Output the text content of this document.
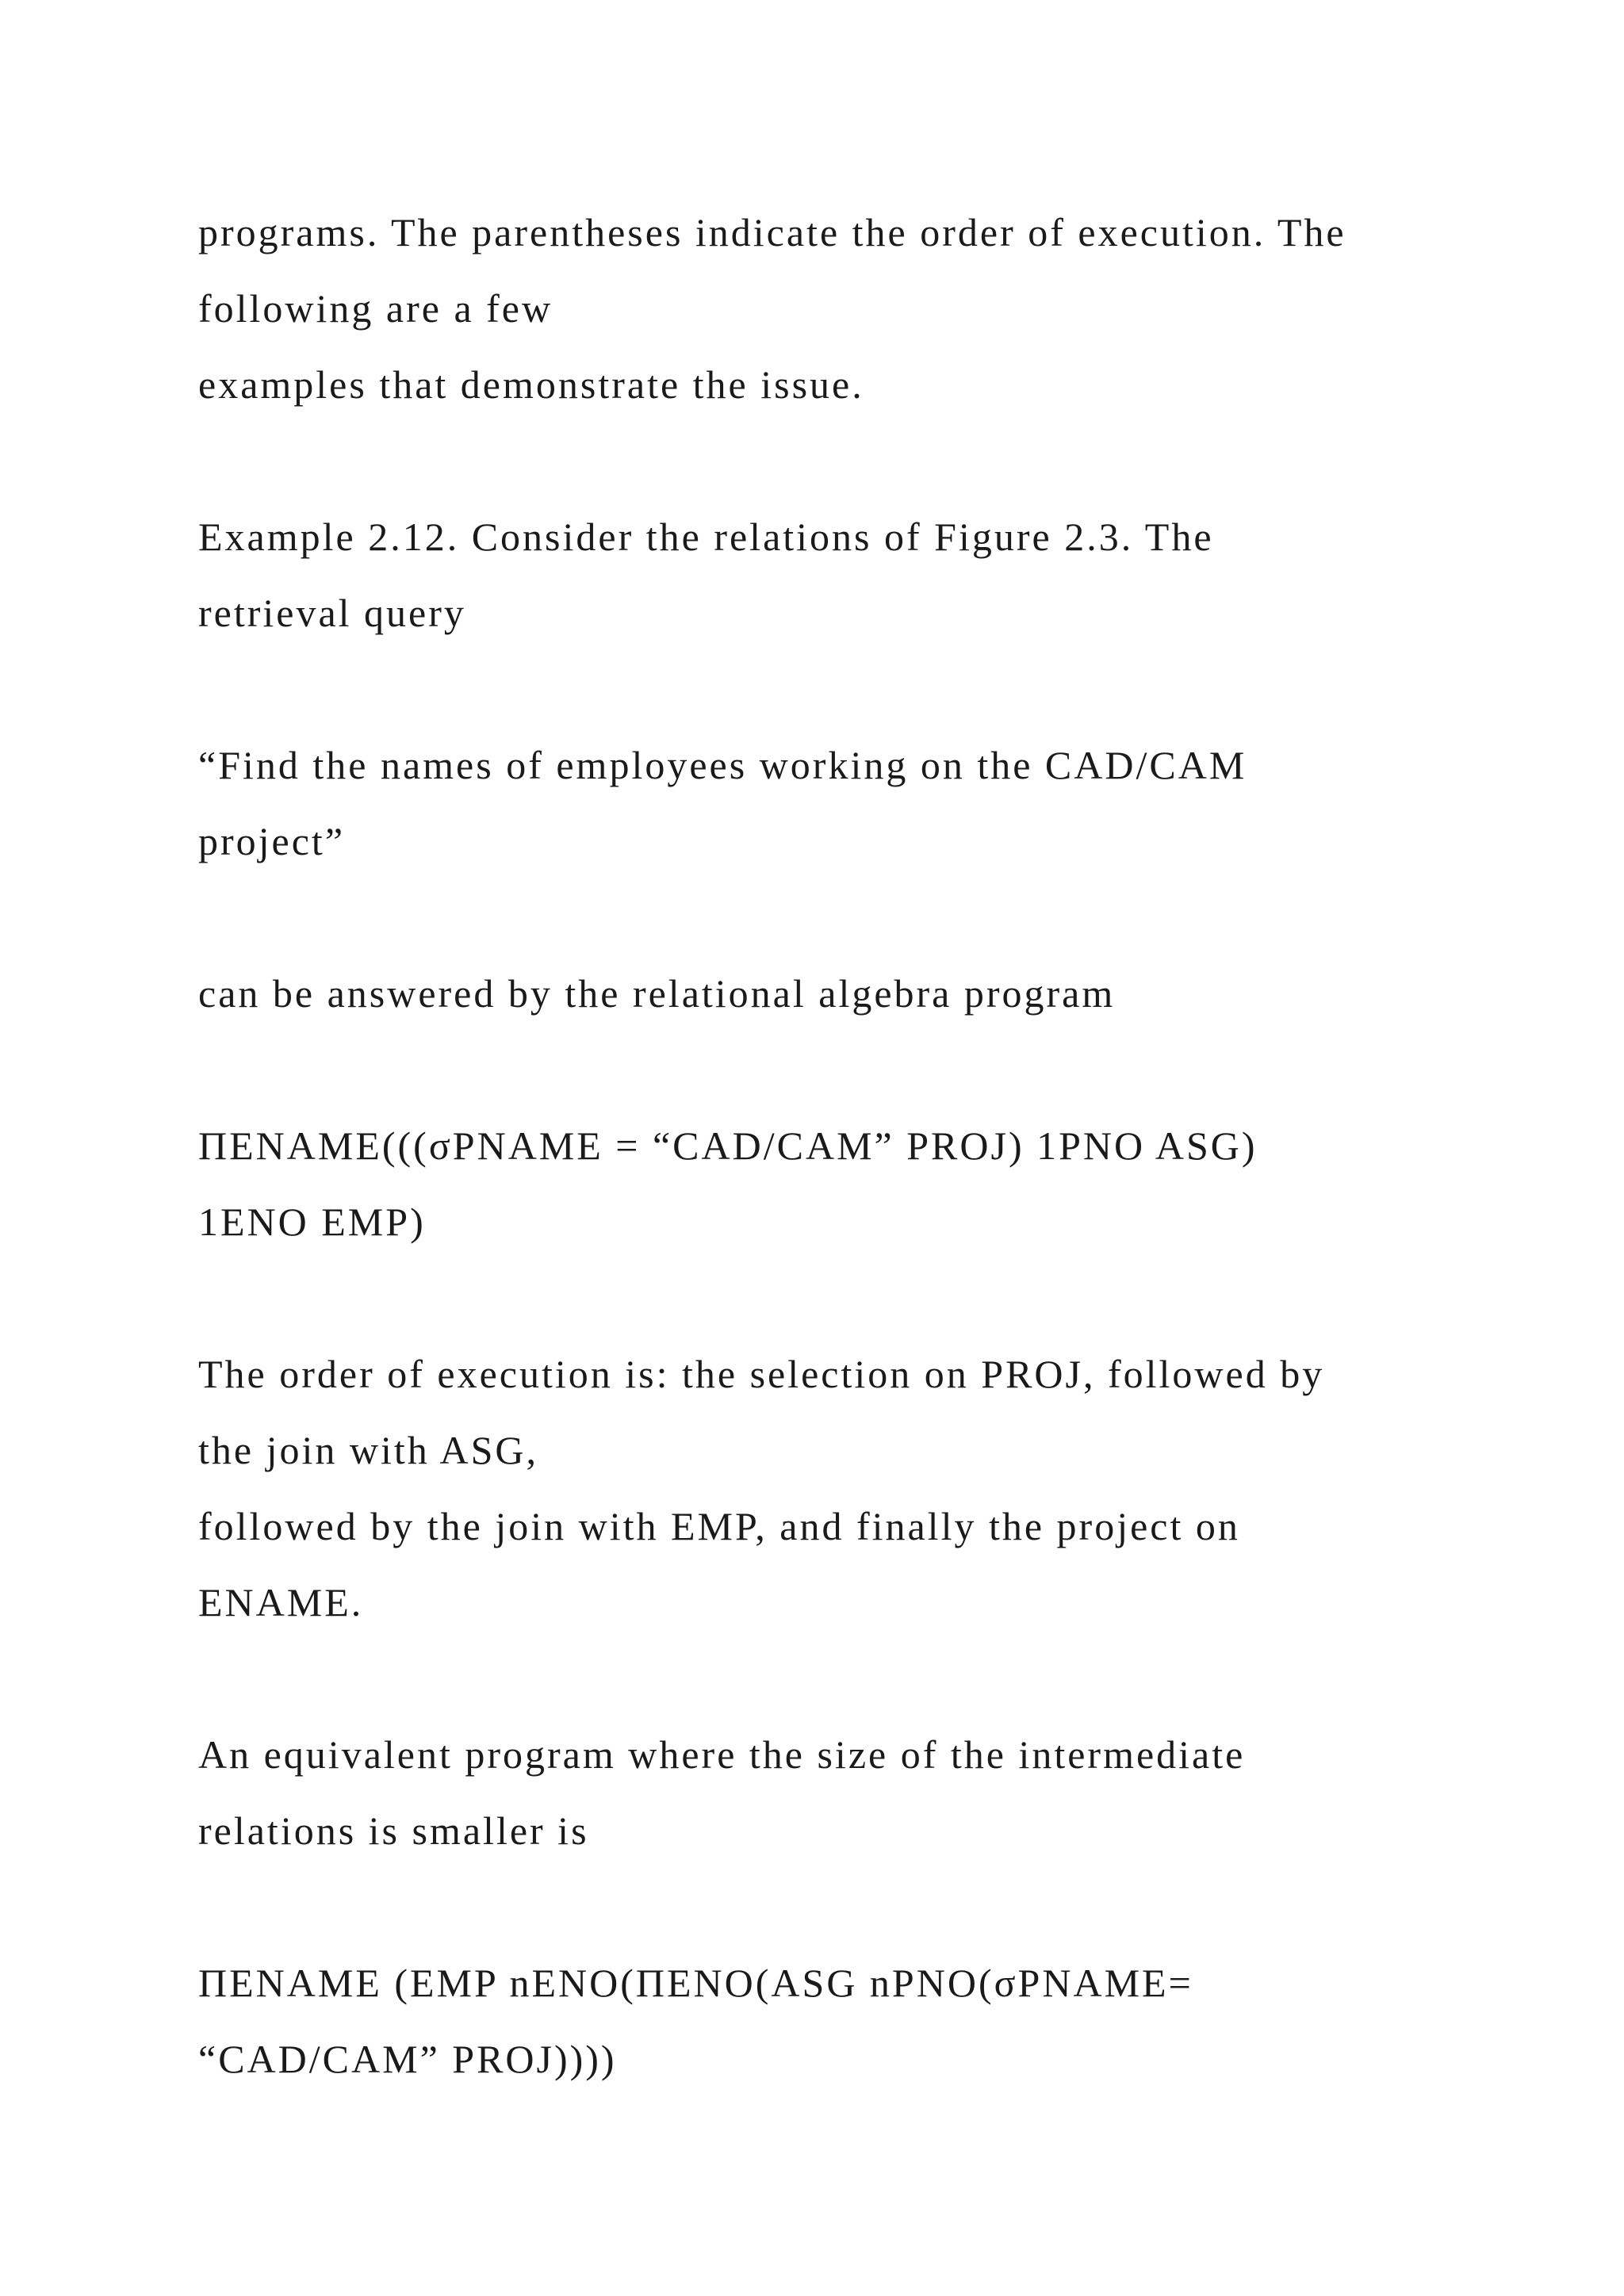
programs. The parentheses indicate the order of execution. The
following are a few
examples that demonstrate the issue.
Example 2.12. Consider the relations of Figure 2.3. The
retrieval query
“Find the names of employees working on the CAD/CAM
project”
can be answered by the relational algebra program
ΠENAME(((σPNAME = “CAD/CAM” PROJ) 1PNO ASG)
1ENO EMP)
The order of execution is: the selection on PROJ, followed by
the join with ASG,
followed by the join with EMP, and finally the project on
ENAME.
An equivalent program where the size of the intermediate
relations is smaller is
ΠENAME (EMP nENO(ΠENO(ASG nPNO(σPNAME=
“CAD/CAM” PROJ))))
